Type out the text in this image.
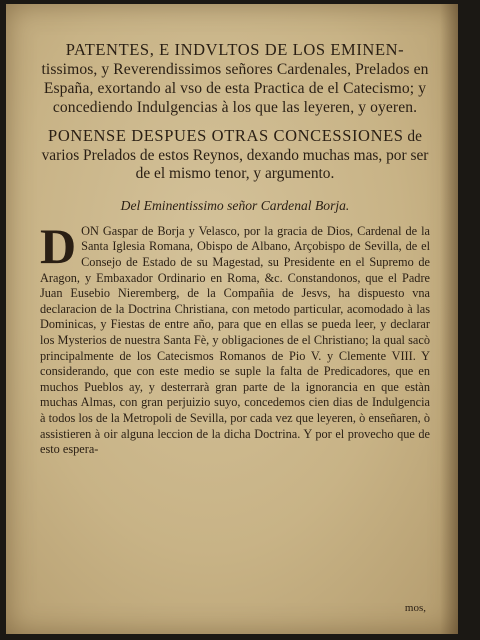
PATENTES, E INDVLTOS DE LOS EMINEN- tissimos, y Reverendissimos señores Cardenales, Prelados en España, exortando al vso de esta Practica de el Catecismo; y concediendo Indulgencias à los que las leyeren, y oyeren.
PONENSE DESPUES OTRAS CONCESSIONES de varios Prelados de estos Reynos, dexando muchas mas, por ser de el mismo tenor, y argumento.
Del Eminentissimo señor Cardenal Borja.

DON Gaspar de Borja y Velasco, por la gracia de Dios, Cardenal de la Santa Iglesia Romana, Obispo de Albano, Arçobispo de Sevilla, de el Consejo de Estado de su Magestad, su Presidente en el Supremo de Aragon, y Embaxador Ordinario en Roma, &c. Constandonos, que el Padre Juan Eusebio Nieremberg, de la Compañia de Jesvs, ha dispuesto vna declaracion de la Doctrina Christiana, con metodo particular, acomodado à las Dominicas, y Fiestas de entre año, para que en ellas se pueda leer, y declarar los Mysterios de nuestra Santa Fè, y obligaciones de el Christiano; la qual sacò principalmente de los Catecismos Romanos de Pio V. y Clemente VIII. Y considerando, que con este medio se suple la falta de Predicadores, que en muchos Pueblos ay, y desterrarà gran parte de la ignorancia en que estàn muchas Almas, con gran perjuizio suyo, concedemos cien dias de Indulgencia à todos los de la Metropoli de Sevilla, por cada vez que leyeren, ò enseñaren, ò assistieren à oir alguna leccion de la dicha Doctrina. Y por el provecho que de esto espera-

mos,
